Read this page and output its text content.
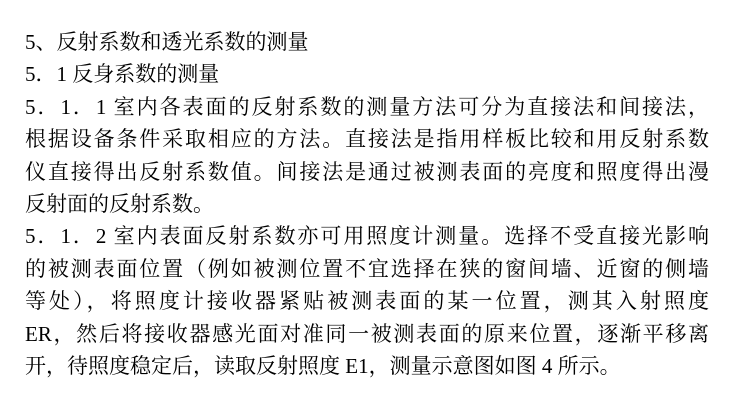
5、反射系数和透光系数的测量
5．1 反身系数的测量
5．1．1 室内各表面的反射系数的测量方法可分为直接法和间接法，
根据设备条件采取相应的方法。直接法是指用样板比较和用反射系数
仪直接得出反射系数值。间接法是通过被测表面的亮度和照度得出漫
反射面的反射系数。
5．1．2 室内表面反射系数亦可用照度计测量。选择不受直接光影响
的被测表面位置（例如被测位置不宜选择在狭的窗间墙、近窗的侧墙
等处），将照度计接收器紧贴被测表面的某一位置，测其入射照度
ER，然后将接收器感光面对准同一被测表面的原来位置，逐渐平移离
开，待照度稳定后，读取反射照度 E1，测量示意图如图 4 所示。
